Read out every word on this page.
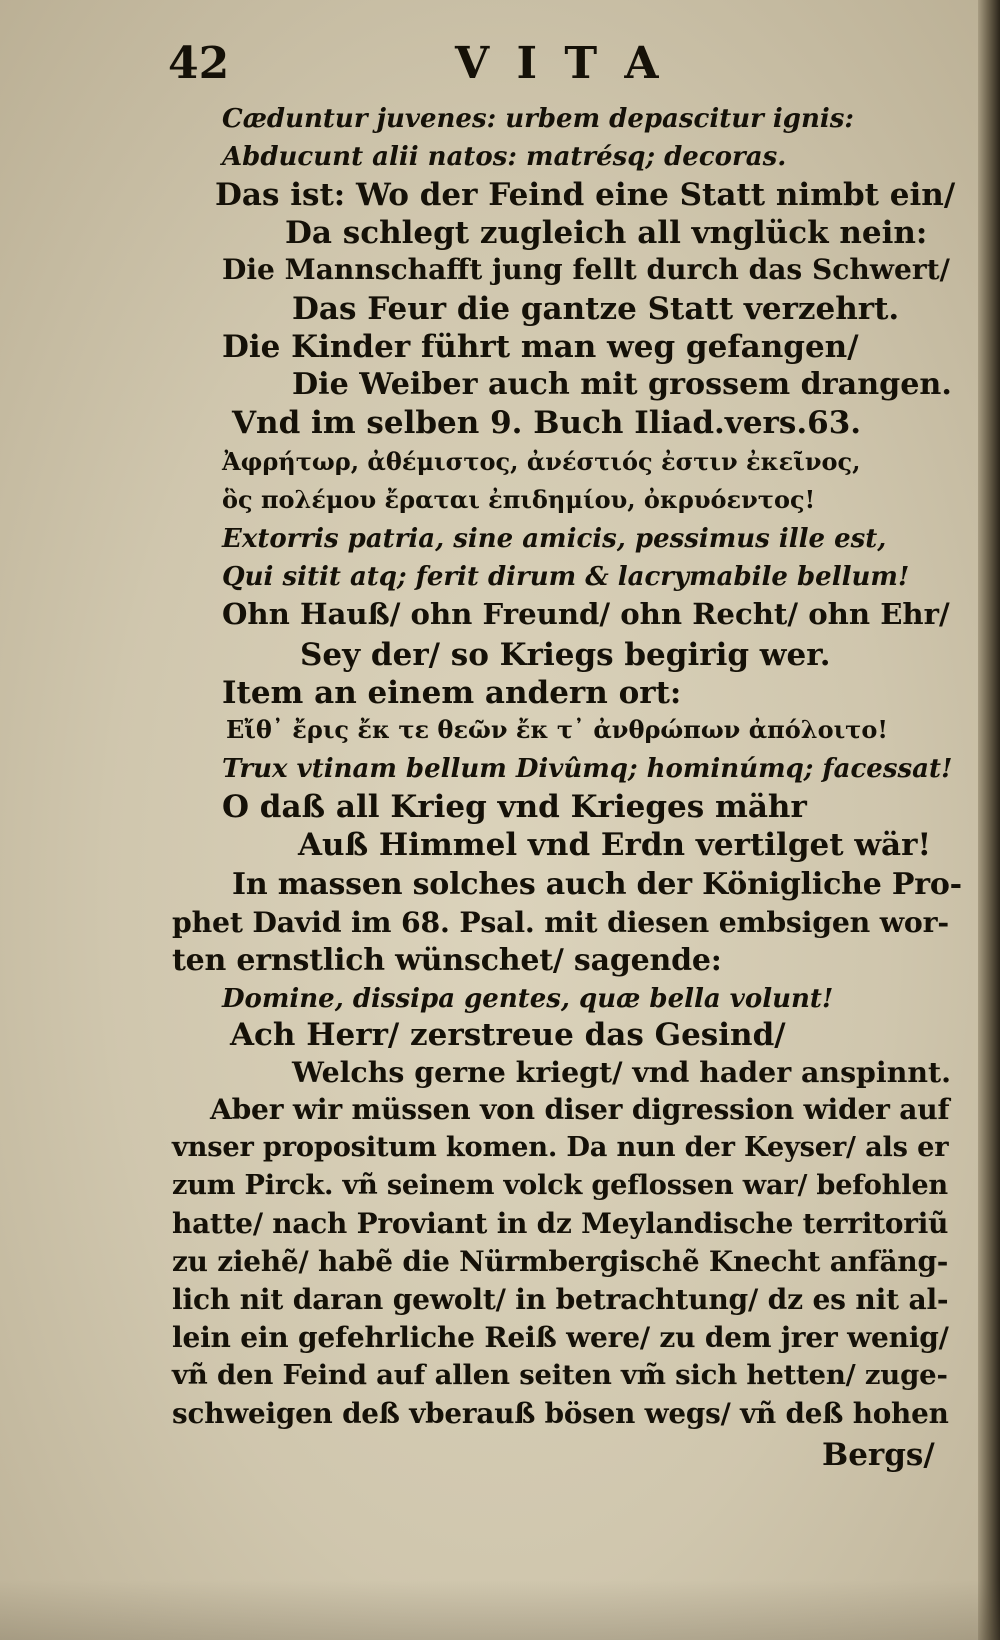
42	V I T A
Cæduntur juvenes: urbem depascitur ignis:
Abducunt alii natos: matrésq; decoras.
Das ist: Wo der Feind eine Statt nimbt ein/
Da schlegt zugleich all vnglück nein:
Die Mannschafft jung fellt durch das Schwert/
Das Feur die gantze Statt verzehrt.
Die Kinder führt man weg gefangen/
Die Weiber auch mit grossem drangen.
Vnd im selben 9. Buch Iliad.vers.63.
Ἀφρήτωρ, ἀθέμιστος, ἀνέστιός ἐστιν ἐκεῖνος,
ὃς πολέμου ἔραται ἐπιδημίου, ὀκρυόεντος!
Extorris patria, sine amicis, pessimus ille est,
Qui sitit atq; ferit dirum & lacrymabile bellum!
Ohn Hauß/ ohn Freund/ ohn Recht/ ohn Ehr/
Sey der/ so Kriegs begirig wer.
Item an einem andern ort:
Εἴθ᾽ ἔρις ἔκ τε θεῶν ἔκ τ᾽ ἀνθρώπων ἀπόλοιτο!
Trux vtinam bellum Divûmq; hominúmq; facessat!
O daß all Krieg vnd Krieges mähr
Auß Himmel vnd Erdn vertilget wär!
In massen solches auch der Königliche Pro-
phet David im 68. Psal. mit diesen embsigen wor-
ten ernstlich wünschet/ sagende:
Domine, dissipa gentes, quæ bella volunt!
Ach Herr/ zerstreue das Gesind/
Welchs gerne kriegt/ vnd hader anspinnt.
Aber wir müssen von diser digression wider auf
vnser propositum komen. Da nun der Keyser/ als er
zum Pirck. vñ seinem volck geflossen war/ befohlen
hatte/ nach Proviant in dz Meylandische territoriũ
zu ziehẽ/ habẽ die Nürmbergischẽ Knecht anfäng-
lich nit daran gewolt/ in betrachtung/ dz es nit al-
lein ein gefehrliche Reiß were/ zu dem jrer wenig/
vñ den Feind auf allen seiten vm̃ sich hetten/ zuge-
schweigen deß vberauß bösen wegs/ vñ deß hohen
Bergs/
